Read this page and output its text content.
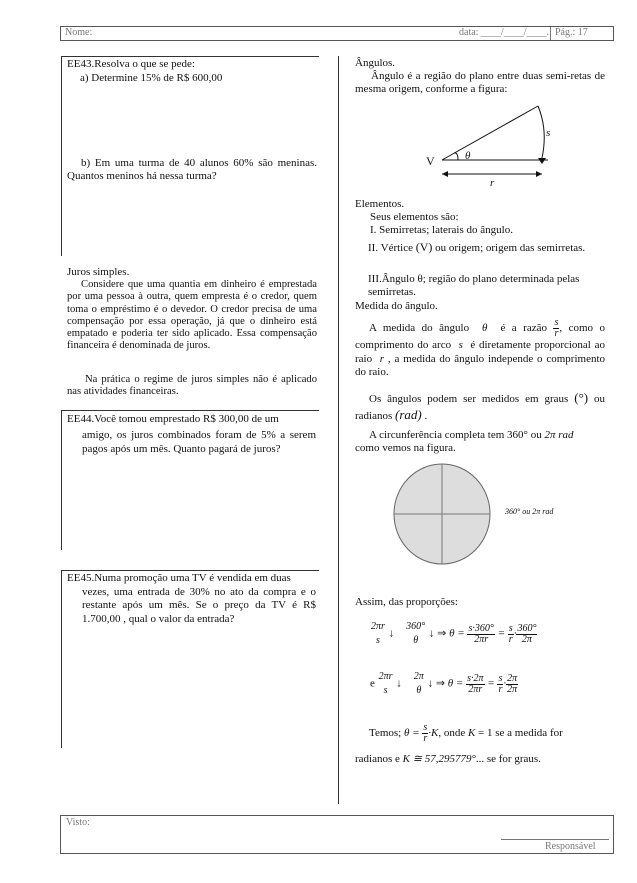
Nome:	data: ____/____/____. Pág.: 17
EE43.Resolva o que se pede:
a) Determine 15% de R$ 600,00
b) Em uma turma de 40 alunos 60% são meninas. Quantos meninos há nessa turma?
Juros simples.
Considere que uma quantia em dinheiro é emprestada por uma pessoa à outra, quem empresta é o credor, quem toma o empréstimo é o devedor. O credor precisa de uma compensação por essa operação, já que o dinheiro está empatado e poderia ter sido aplicado. Essa compensação financeira é denominada de juros.
Na prática o regime de juros simples não é aplicado nas atividades financeiras.
EE44.Você tomou emprestado R$ 300,00 de um
amigo, os juros combinados foram de 5% a serem pagos após um mês. Quanto pagará de juros?
EE45.Numa promoção uma TV é vendida em duas
vezes, uma entrada de 30% no ato da compra e o restante após um mês. Se o preço da TV é R$ 1.700,00 , qual o valor da entrada?
Ângulos.
Ângulo é a região do plano entre duas semi-retas de mesma origem, conforme a figura:
V	θ
s
r
Elementos.
Seus elementos são:
I. Semirretas; laterais do ângulo.
II. Vértice (V) ou origem; origem das semirretas.
III.Ângulo θ; região do plano determinada pelas semirretas.
Medida do ângulo.
A medida do ângulo  θ  é a razão $\frac{s}{r}$ , como o comprimento do arco  s  é diretamente proporcional ao raio  r , a medida do ângulo independe o comprimento do raio.
Os ângulos podem ser medidos em graus (°) ou radianos (rad) .
A circunferência completa tem 360° ou 2π rad
como vemos na figura.
360° ou 2π rad
Assim, das proporções:
2πr
s
↓
360°
θ
↓ ⇒ $\theta = \frac{s\cdot 360^\circ}{2\pi r} = \frac{s}{r} \cdot \frac{360^\circ}{2\pi}$
e
2πr
s
↓
2π
θ
↓ ⇒ $\theta = \frac{s\cdot 2\pi}{2\pi r} = \frac{s}{r} \cdot \frac{2\pi}{2\pi}$
Temos; $\theta = \frac{s}{r} \cdot K$, onde K = 1 se a medida for
radianos e K ≅ 57,295779°... se for graus.
Visto:
Responsável
